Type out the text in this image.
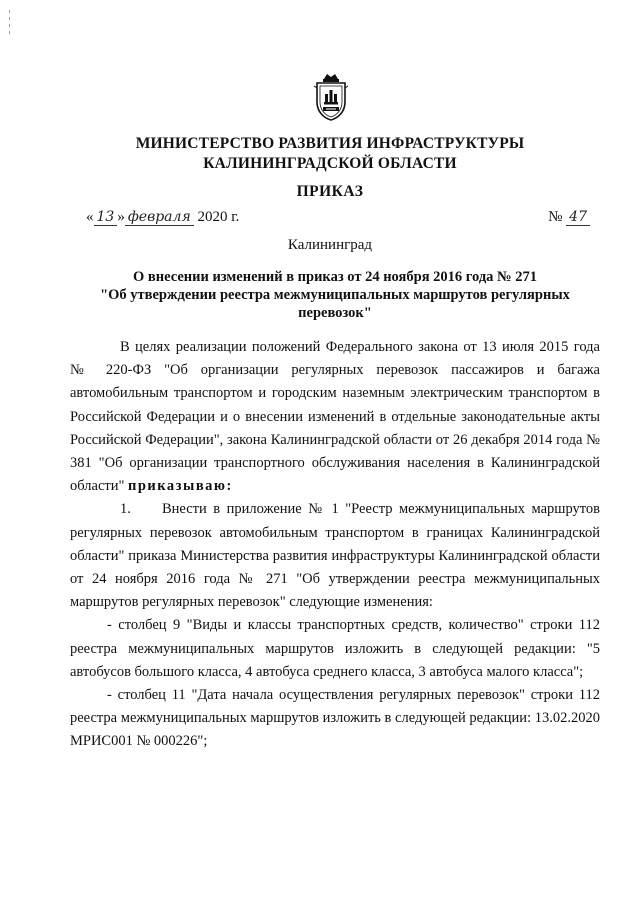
МИНИСТЕРСТВО РАЗВИТИЯ ИНФРАСТРУКТУРЫ
КАЛИНИНГРАДСКОЙ ОБЛАСТИ
ПРИКАЗ
« 13 » февраля 2020 г.	№ 47
Калининград
О внесении изменений в приказ от 24 ноября 2016 года № 271
"Об утверждении реестра межмуниципальных маршрутов регулярных перевозок"

В целях реализации положений Федерального закона от 13 июля 2015 года № 220-ФЗ "Об организации регулярных перевозок пассажиров и багажа автомобильным транспортом и городским наземным электрическим транспортом в Российской Федерации и о внесении изменений в отдельные законодательные акты Российской Федерации", закона Калининградской области от 26 декабря 2014 года № 381 "Об организации транспортного обслуживания населения в Калининградской области" приказываю:

1. Внести в приложение № 1 "Реестр межмуниципальных маршрутов регулярных перевозок автомобильным транспортом в границах Калининградской области" приказа Министерства развития инфраструктуры Калининградской области от 24 ноября 2016 года № 271 "Об утверждении реестра межмуниципальных маршрутов регулярных перевозок" следующие изменения:

- столбец 9 "Виды и классы транспортных средств, количество" строки 112 реестра межмуниципальных маршрутов изложить в следующей редакции: "5 автобусов большого класса, 4 автобуса среднего класса, 3 автобуса малого класса";

- столбец 11 "Дата начала осуществления регулярных перевозок" строки 112 реестра межмуниципальных маршрутов изложить в следующей редакции: 13.02.2020 МРИС001 № 000226";
